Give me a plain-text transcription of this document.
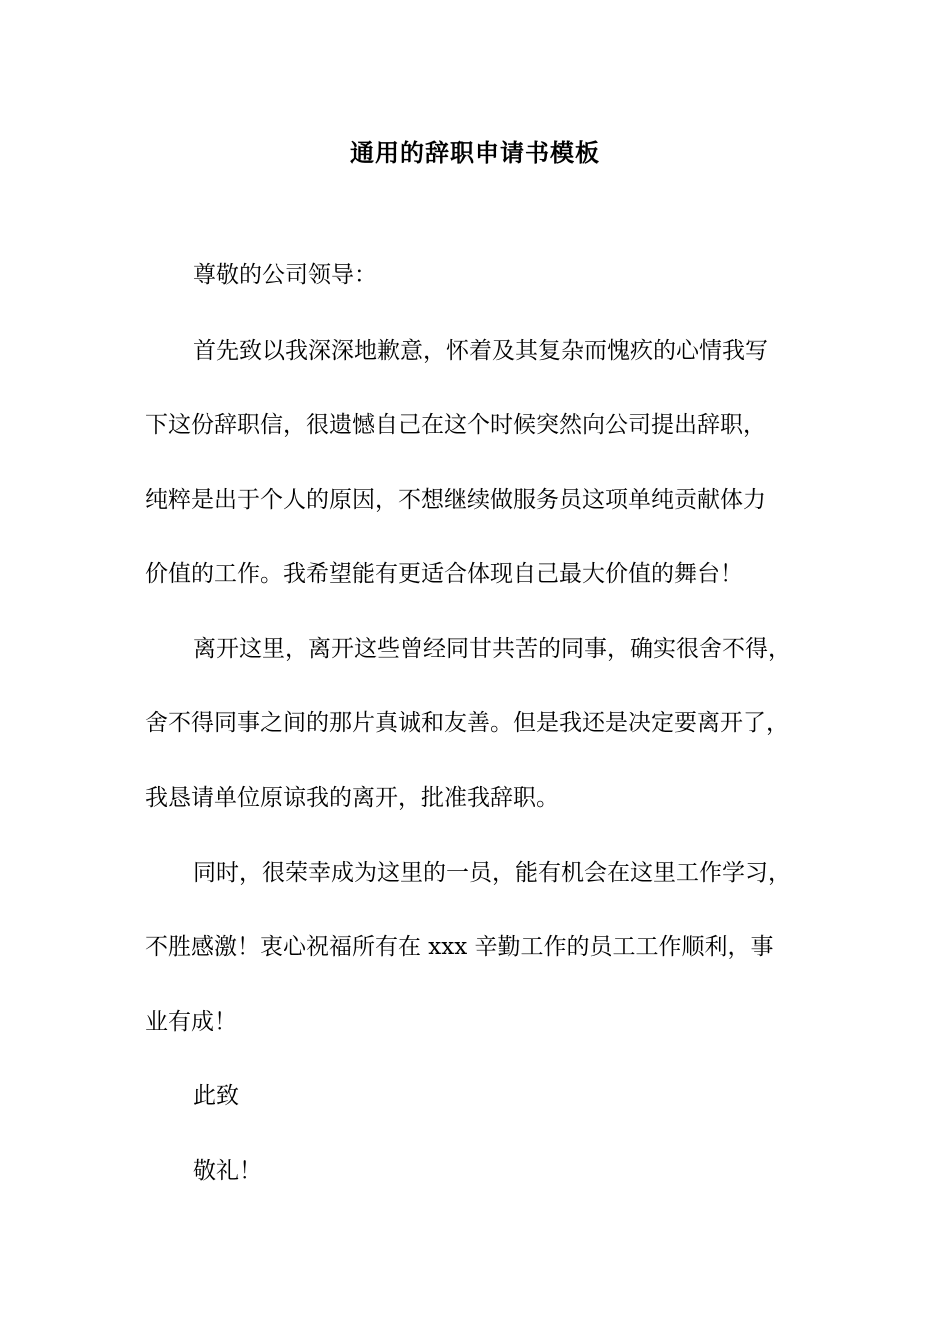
通用的辞职申请书模板
尊敬的公司领导：
首先致以我深深地歉意，怀着及其复杂而愧疚的心情我写
下这份辞职信，很遗憾自己在这个时候突然向公司提出辞职，
纯粹是出于个人的原因，不想继续做服务员这项单纯贡献体力
价值的工作。我希望能有更适合体现自己最大价值的舞台！
离开这里，离开这些曾经同甘共苦的同事，确实很舍不得，
舍不得同事之间的那片真诚和友善。但是我还是决定要离开了，
我恳请单位原谅我的离开，批准我辞职。
同时，很荣幸成为这里的一员，能有机会在这里工作学习，
不胜感激！衷心祝福所有在 xxx 辛勤工作的员工工作顺利，事
业有成！
此致
敬礼！
